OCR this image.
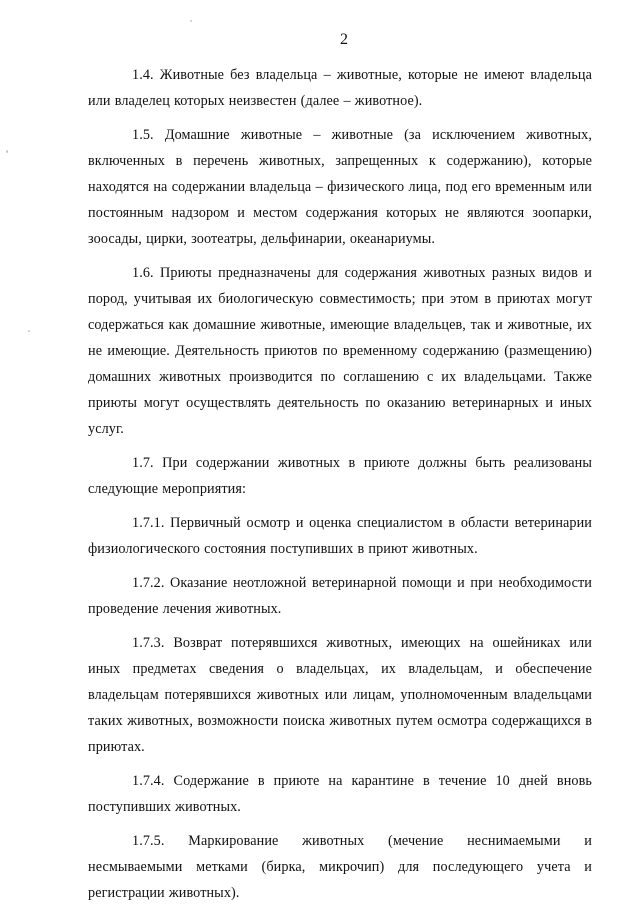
2

1.4. Животные без владельца – животные, которые не имеют владельца или владелец которых неизвестен (далее – животное).

1.5. Домашние животные – животные (за исключением животных, включенных в перечень животных, запрещенных к содержанию), которые находятся на содержании владельца – физического лица, под его временным или постоянным надзором и местом содержания которых не являются зоопарки, зоосады, цирки, зоотеатры, дельфинарии, океанариумы.

1.6. Приюты предназначены для содержания животных разных видов и пород, учитывая их биологическую совместимость; при этом в приютах могут содержаться как домашние животные, имеющие владельцев, так и животные, их не имеющие. Деятельность приютов по временному содержанию (размещению) домашних животных производится по соглашению с их владельцами. Также приюты могут осуществлять деятельность по оказанию ветеринарных и иных услуг.

1.7. При содержании животных в приюте должны быть реализованы следующие мероприятия:

1.7.1. Первичный осмотр и оценка специалистом в области ветеринарии физиологического состояния поступивших в приют животных.

1.7.2. Оказание неотложной ветеринарной помощи и при необходимости проведение лечения животных.

1.7.3. Возврат потерявшихся животных, имеющих на ошейниках или иных предметах сведения о владельцах, их владельцам, и обеспечение владельцам потерявшихся животных или лицам, уполномоченным владельцами таких животных, возможности поиска животных путем осмотра содержащихся в приютах.

1.7.4. Содержание в приюте на карантине в течение 10 дней вновь поступивших животных.

1.7.5. Маркирование животных (мечение неснимаемыми и несмываемыми метками (бирка, микрочип) для последующего учета и регистрации животных).
